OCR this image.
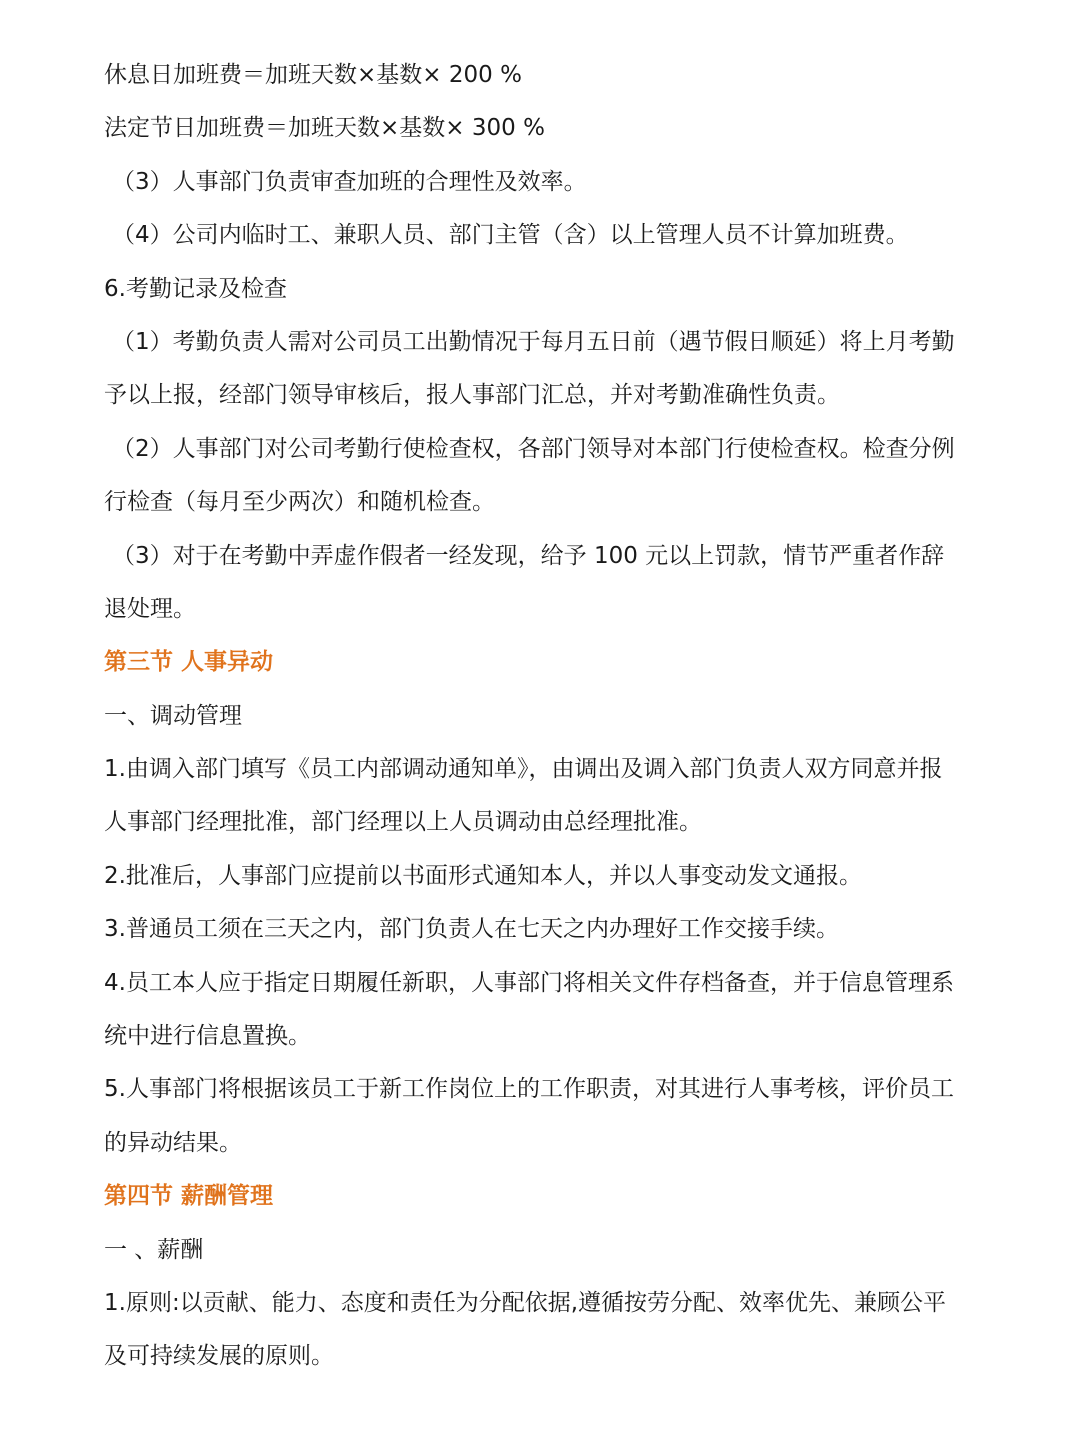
休息日加班费＝加班天数×基数× 200 %
法定节日加班费＝加班天数×基数× 300 %
（3）人事部门负责审查加班的合理性及效率。
（4）公司内临时工、兼职人员、部门主管（含）以上管理人员不计算加班费。
6.考勤记录及检查
（1）考勤负责人需对公司员工出勤情况于每月五日前（遇节假日顺延）将上月考勤
予以上报，经部门领导审核后，报人事部门汇总，并对考勤准确性负责。
（2）人事部门对公司考勤行使检查权，各部门领导对本部门行使检查权。检查分例
行检查（每月至少两次）和随机检查。
（3）对于在考勤中弄虚作假者一经发现，给予 100 元以上罚款，情节严重者作辞
退处理。
第三节 人事异动
一、调动管理
1.由调入部门填写《员工内部调动通知单》，由调出及调入部门负责人双方同意并报
人事部门经理批准，部门经理以上人员调动由总经理批准。
2.批准后，人事部门应提前以书面形式通知本人，并以人事变动发文通报。
3.普通员工须在三天之内，部门负责人在七天之内办理好工作交接手续。
4.员工本人应于指定日期履任新职，人事部门将相关文件存档备查，并于信息管理系
统中进行信息置换。
5.人事部门将根据该员工于新工作岗位上的工作职责，对其进行人事考核，评价员工
的异动结果。
第四节 薪酬管理
一 、薪酬
1.原则:以贡献、能力、态度和责任为分配依据,遵循按劳分配、效率优先、兼顾公平
及可持续发展的原则。
